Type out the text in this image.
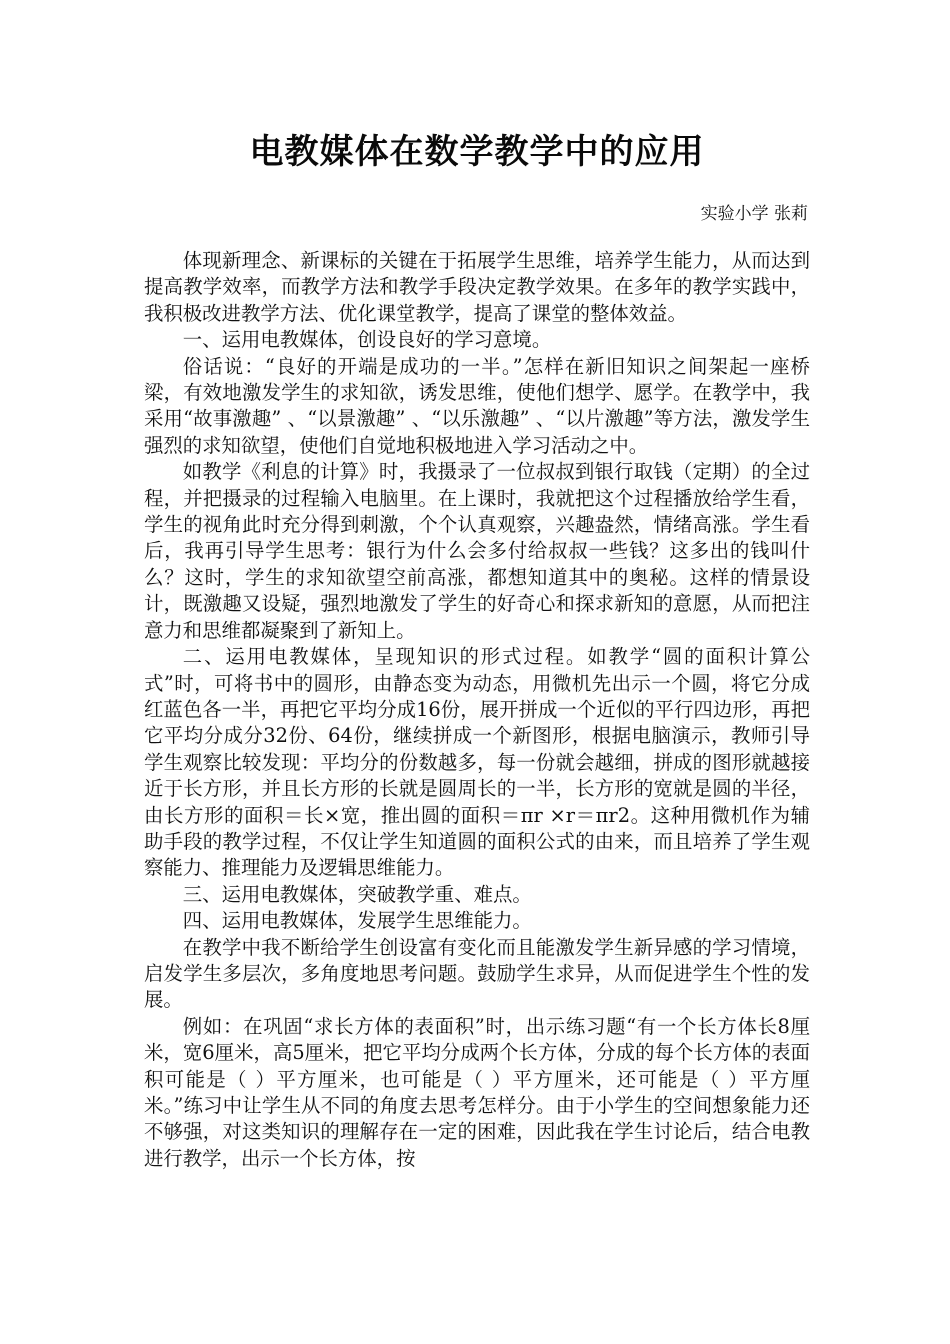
电教媒体在数学教学中的应用
实验小学 张莉

体现新理念、新课标的关键在于拓展学生思维，培养学生能力，从而达到提高教学效率，而教学方法和教学手段决定教学效果。在多年的教学实践中，我积极改进教学方法、优化课堂教学，提高了课堂的整体效益。

一、运用电教媒体，创设良好的学习意境。

俗话说：“良好的开端是成功的一半。”怎样在新旧知识之间架起一座桥梁，有效地激发学生的求知欲，诱发思维，使他们想学、愿学。在教学中，我采用“故事激趣” 、“以景激趣” 、“以乐激趣” 、“以片激趣”等方法，激发学生强烈的求知欲望，使他们自觉地积极地进入学习活动之中。

如教学《利息的计算》时，我摄录了一位叔叔到银行取钱（定期）的全过程，并把摄录的过程输入电脑里。在上课时，我就把这个过程播放给学生看，学生的视角此时充分得到刺激，个个认真观察，兴趣盎然，情绪高涨。学生看后，我再引导学生思考：银行为什么会多付给叔叔一些钱？这多出的钱叫什么？这时，学生的求知欲望空前高涨，都想知道其中的奥秘。这样的情景设计，既激趣又设疑，强烈地激发了学生的好奇心和探求新知的意愿，从而把注意力和思维都凝聚到了新知上。

二、运用电教媒体，呈现知识的形式过程。如教学“圆的面积计算公式”时，可将书中的圆形，由静态变为动态，用微机先出示一个圆，将它分成红蓝色各一半，再把它平均分成16份，展开拼成一个近似的平行四边形，再把它平均分成分32份、64份，继续拼成一个新图形，根据电脑演示，教师引导学生观察比较发现：平均分的份数越多，每一份就会越细，拼成的图形就越接近于长方形，并且长方形的长就是圆周长的一半，长方形的宽就是圆的半径，由长方形的面积＝长×宽，推出圆的面积＝πr ×r＝πr2。这种用微机作为辅助手段的教学过程，不仅让学生知道圆的面积公式的由来，而且培养了学生观察能力、推理能力及逻辑思维能力。

三、运用电教媒体，突破教学重、难点。

四、运用电教媒体，发展学生思维能力。

在教学中我不断给学生创设富有变化而且能激发学生新异感的学习情境，启发学生多层次，多角度地思考问题。鼓励学生求异，从而促进学生个性的发展。

例如：在巩固“求长方体的表面积”时，出示练习题“有一个长方体长8厘米，宽6厘米，高5厘米，把它平均分成两个长方体，分成的每个长方体的表面积可能是（ ）平方厘米，也可能是（ ）平方厘米，还可能是（ ）平方厘米。”练习中让学生从不同的角度去思考怎样分。由于小学生的空间想象能力还不够强，对这类知识的理解存在一定的困难，因此我在学生讨论后，结合电教进行教学，出示一个长方体，按
